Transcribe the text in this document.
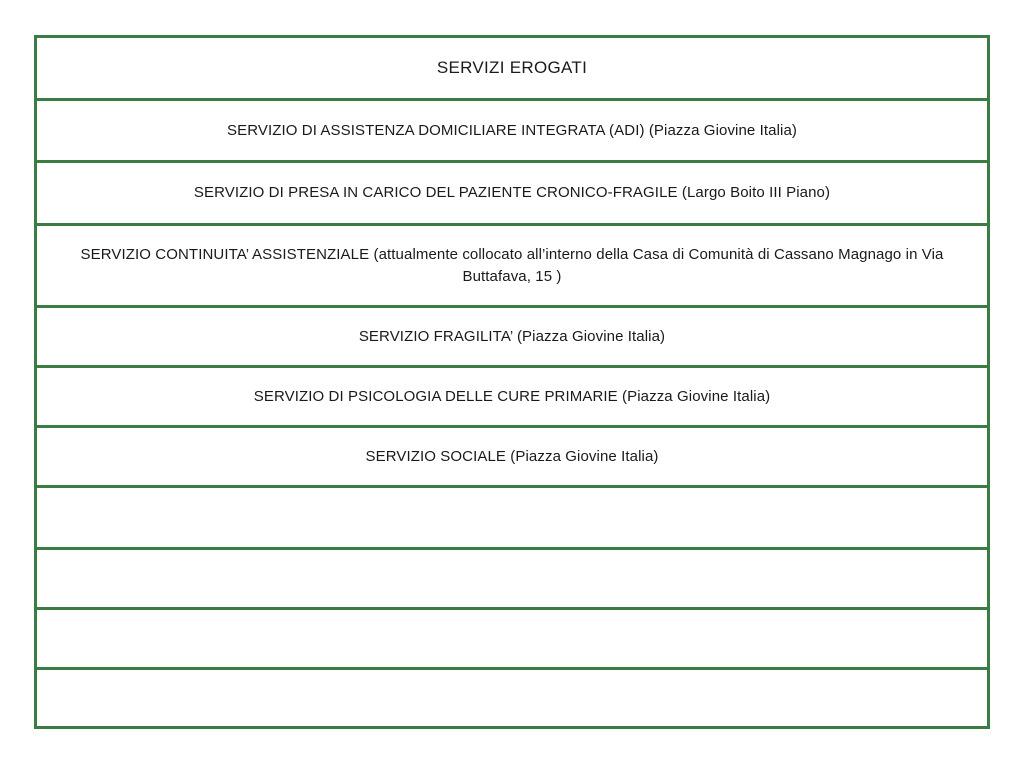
SERVIZI EROGATI
SERVIZIO DI ASSISTENZA DOMICILIARE INTEGRATA (ADI) (Piazza Giovine Italia)
SERVIZIO DI PRESA IN CARICO DEL PAZIENTE CRONICO-FRAGILE (Largo Boito III Piano)
SERVIZIO CONTINUITA’ ASSISTENZIALE (attualmente collocato all’interno della Casa di Comunità di Cassano Magnago in Via Buttafava, 15 )
SERVIZIO FRAGILITA’ (Piazza Giovine Italia)
SERVIZIO DI PSICOLOGIA DELLE CURE PRIMARIE (Piazza Giovine Italia)
SERVIZIO SOCIALE (Piazza Giovine Italia)
